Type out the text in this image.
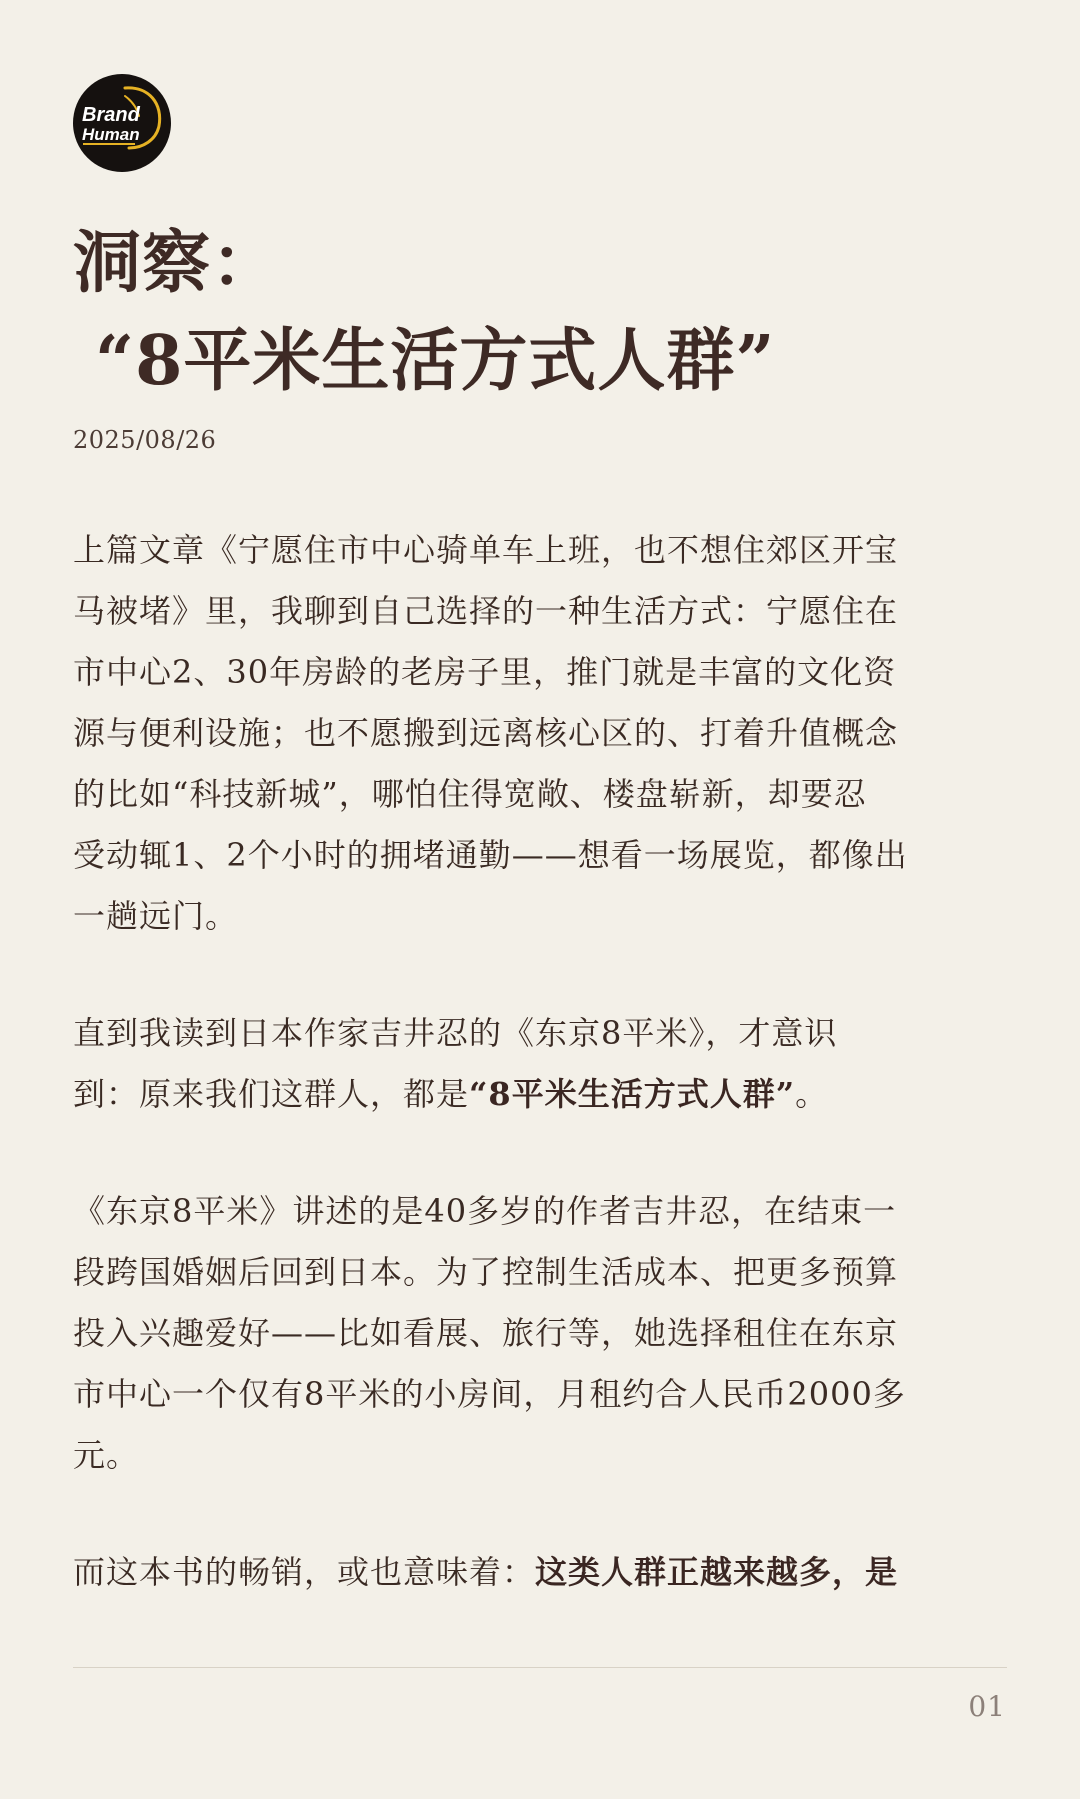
Brand
Human
洞察：
“8平米生活方式人群”
2025/08/26

上篇文章《宁愿住市中心骑单车上班，也不想住郊区开宝
马被堵》里，我聊到自己选择的一种生活方式：宁愿住在
市中心2、30年房龄的老房子里，推门就是丰富的文化资
源与便利设施；也不愿搬到远离核心区的、打着升值概念
的比如“科技新城”，哪怕住得宽敞、楼盘崭新，却要忍
受动辄1、2个小时的拥堵通勤——想看一场展览，都像出
一趟远门。

直到我读到日本作家吉井忍的《东京8平米》，才意识
到：原来我们这群人，都是“8平米生活方式人群”。

《东京8平米》讲述的是40多岁的作者吉井忍，在结束一
段跨国婚姻后回到日本。为了控制生活成本、把更多预算
投入兴趣爱好——比如看展、旅行等，她选择租住在东京
市中心一个仅有8平米的小房间，月租约合人民币2000多
元。

而这本书的畅销，或也意味着：这类人群正越来越多，是

01
